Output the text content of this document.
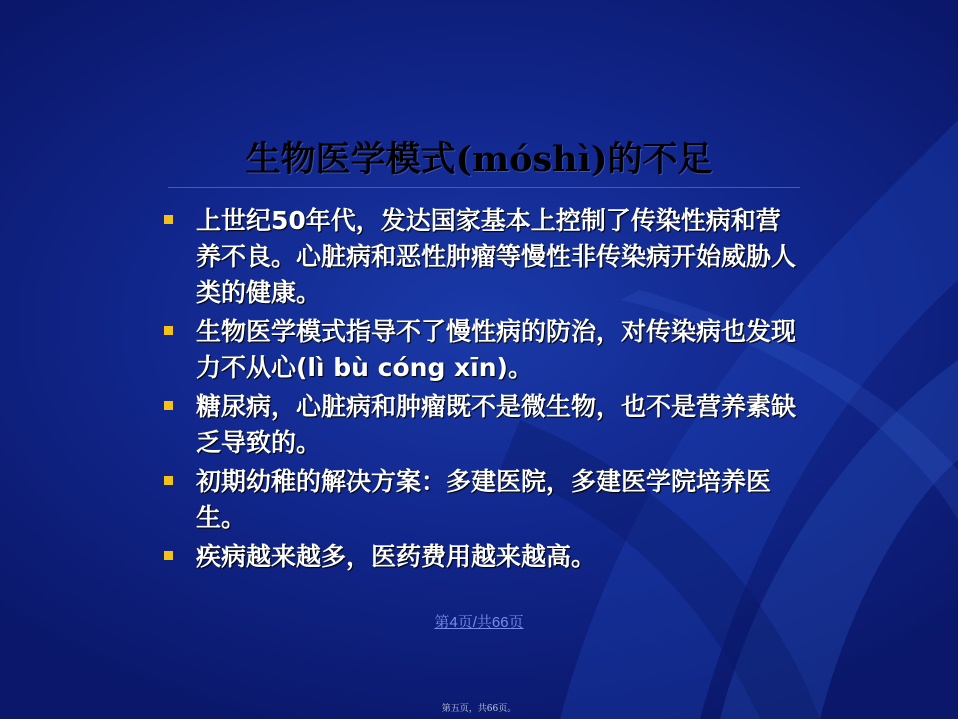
生物医学模式(móshì)的不足
上世纪50年代，发达国家基本上控制了传染性病和营养不良。心脏病和恶性肿瘤等慢性非传染病开始威胁人类的健康。
生物医学模式指导不了慢性病的防治，对传染病也发现力不从心(lì bù cóng xīn)。
糖尿病，心脏病和肿瘤既不是微生物，也不是营养素缺乏导致的。
初期幼稚的解决方案：多建医院，多建医学院培养医生。
疾病越来越多，医药费用越来越高。
第4页/共66页
第五页，共66页。
